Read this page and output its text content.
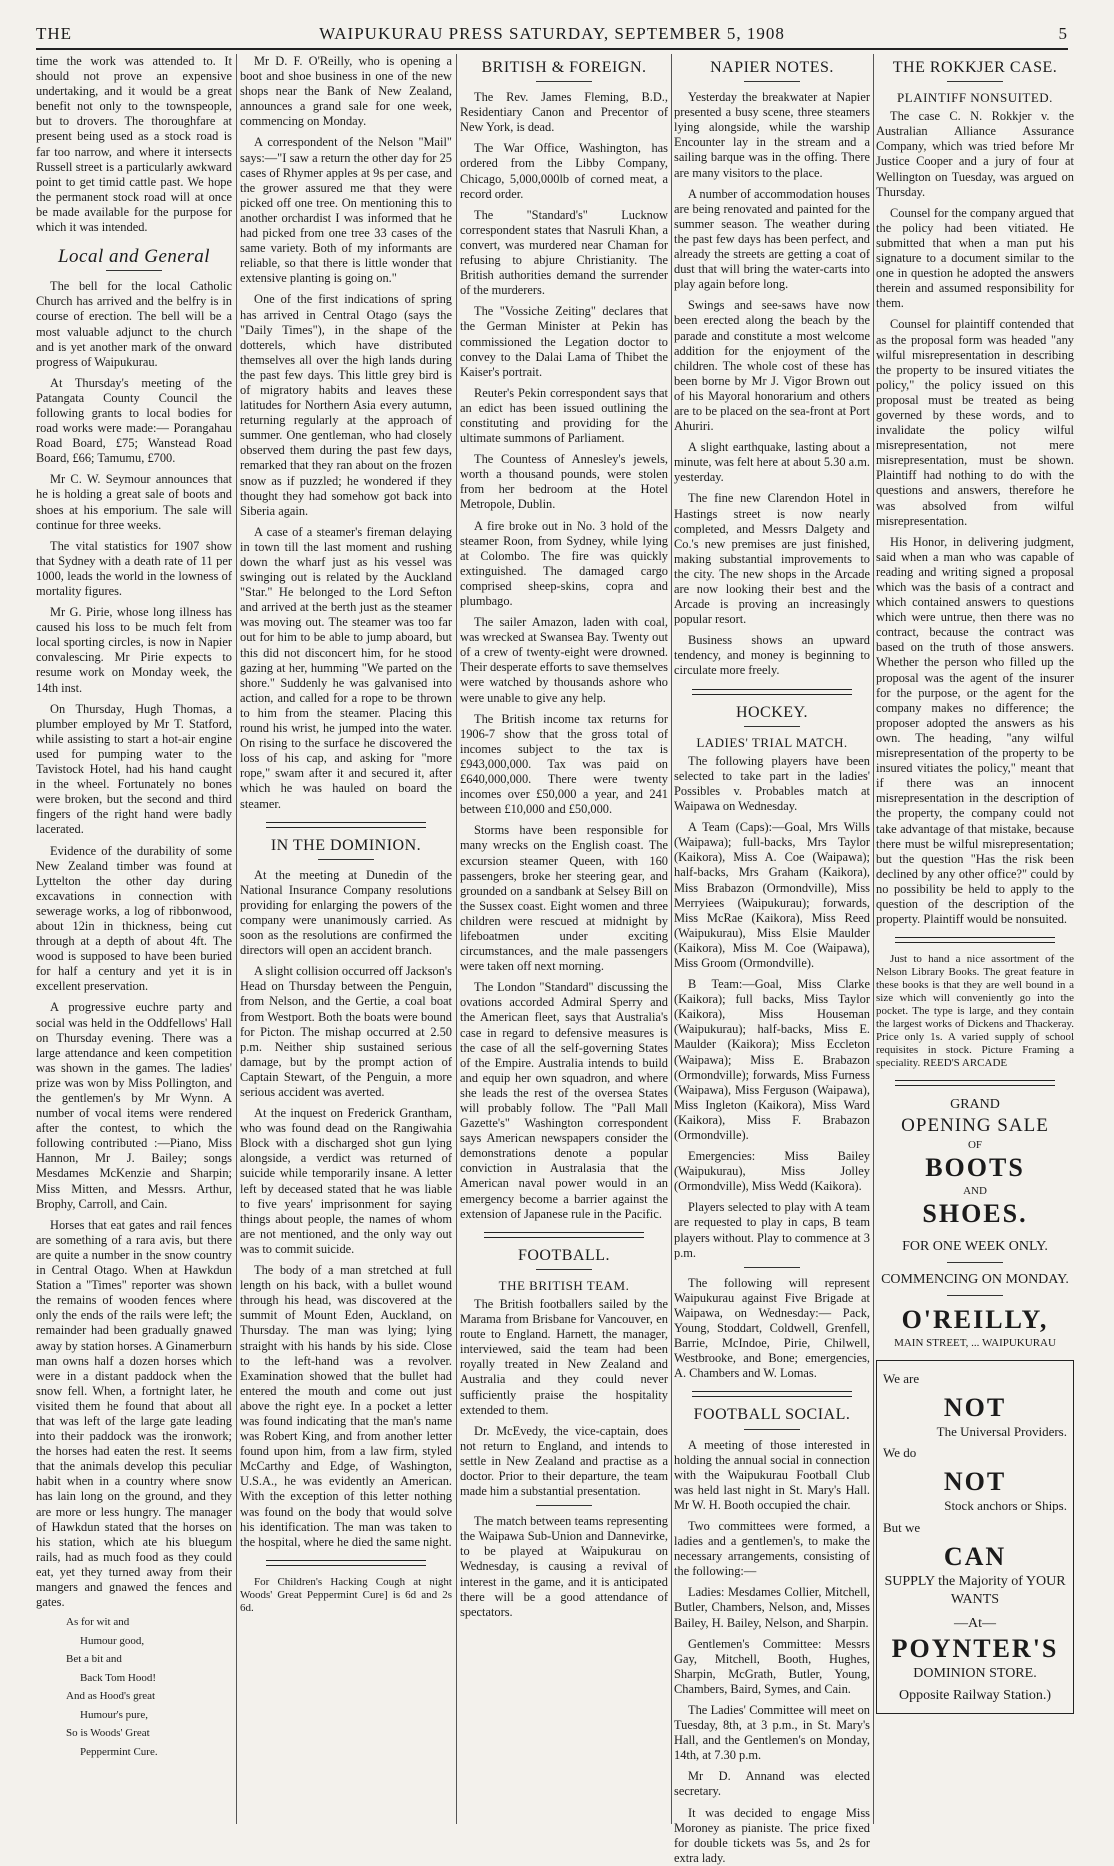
THE	WAIPUKURAU PRESS SATURDAY, SEPTEMBER 5, 1908	5

time the work was attended to. It should not prove an expensive undertaking, and it would be a great benefit not only to the townspeople, but to drovers. The thoroughfare at present being used as a stock road is far too narrow, and where it intersects Russell street is a particularly awkward point to get timid cattle past. We hope the permanent stock road will at once be made available for the purpose for which it was intended.

Local and General

The bell for the local Catholic Church has arrived and the belfry is in course of erection. The bell will be a most valuable adjunct to the church and is yet another mark of the onward progress of Waipukurau.

At Thursday's meeting of the Patangata County Council the following grants to local bodies for road works were made:— Porangahau Road Board, £75; Wanstead Road Board, £66; Tamumu, £700.

Mr C. W. Seymour announces that he is holding a great sale of boots and shoes at his emporium. The sale will continue for three weeks.

The vital statistics for 1907 show that Sydney with a death rate of 11 per 1000, leads the world in the lowness of mortality figures.

Mr G. Pirie, whose long illness has caused his loss to be much felt from local sporting circles, is now in Napier convalescing. Mr Pirie expects to resume work on Monday week, the 14th inst.

On Thursday, Hugh Thomas, a plumber employed by Mr T. Statford, while assisting to start a hot-air engine used for pumping water to the Tavistock Hotel, had his hand caught in the wheel. Fortunately no bones were broken, but the second and third fingers of the right hand were badly lacerated.

Evidence of the durability of some New Zealand timber was found at Lyttelton the other day during excavations in connection with sewerage works, a log of ribbonwood, about 12in in thickness, being cut through at a depth of about 4ft. The wood is supposed to have been buried for half a century and yet it is in excellent preservation.

A progressive euchre party and social was held in the Oddfellows' Hall on Thursday evening. There was a large attendance and keen competition was shown in the games. The ladies' prize was won by Miss Pollington, and the gentlemen's by Mr Wynn. A number of vocal items were rendered after the contest, to which the following contributed :—Piano, Miss Hannon, Mr J. Bailey; songs Mesdames McKenzie and Sharpin; Miss Mitten, and Messrs. Arthur, Brophy, Carroll, and Cain.

Horses that eat gates and rail fences are something of a rara avis, but there are quite a number in the snow country in Central Otago. When at Hawkdun Station a "Times" reporter was shown the remains of wooden fences where only the ends of the rails were left; the remainder had been gradually gnawed away by station horses. A Ginamerburn man owns half a dozen horses which were in a distant paddock when the snow fell. When, a fortnight later, he visited them he found that about all that was left of the large gate leading into their paddock was the ironwork; the horses had eaten the rest. It seems that the animals develop this peculiar habit when in a country where snow has lain long on the ground, and they are more or less hungry. The manager of Hawkdun stated that the horses on his station, which ate his bluegum rails, had as much food as they could eat, yet they turned away from their mangers and gnawed the fences and gates.

As for wit and

Humour good,

Bet a bit and

Back Tom Hood!

And as Hood's great

Humour's pure,

So is Woods' Great

Peppermint Cure.

Mr D. F. O'Reilly, who is opening a boot and shoe business in one of the new shops near the Bank of New Zealand, announces a grand sale for one week, commencing on Monday.

A correspondent of the Nelson "Mail" says:—"I saw a return the other day for 25 cases of Rhymer apples at 9s per case, and the grower assured me that they were picked off one tree. On mentioning this to another orchardist I was informed that he had picked from one tree 33 cases of the same variety. Both of my informants are reliable, so that there is little wonder that extensive planting is going on."

One of the first indications of spring has arrived in Central Otago (says the "Daily Times"), in the shape of the dotterels, which have distributed themselves all over the high lands during the past few days. This little grey bird is of migratory habits and leaves these latitudes for Northern Asia every autumn, returning regularly at the approach of summer. One gentleman, who had closely observed them during the past few days, remarked that they ran about on the frozen snow as if puzzled; he wondered if they thought they had somehow got back into Siberia again.

A case of a steamer's fireman delaying in town till the last moment and rushing down the wharf just as his vessel was swinging out is related by the Auckland "Star." He belonged to the Lord Sefton and arrived at the berth just as the steamer was moving out. The steamer was too far out for him to be able to jump aboard, but this did not disconcert him, for he stood gazing at her, humming "We parted on the shore." Suddenly he was galvanised into action, and called for a rope to be thrown to him from the steamer. Placing this round his wrist, he jumped into the water. On rising to the surface he discovered the loss of his cap, and asking for "more rope," swam after it and secured it, after which he was hauled on board the steamer.

IN THE DOMINION.

At the meeting at Dunedin of the National Insurance Company resolutions providing for enlarging the powers of the company were unanimously carried. As soon as the resolutions are confirmed the directors will open an accident branch.

A slight collision occurred off Jackson's Head on Thursday between the Penguin, from Nelson, and the Gertie, a coal boat from Westport. Both the boats were bound for Picton. The mishap occurred at 2.50 p.m. Neither ship sustained serious damage, but by the prompt action of Captain Stewart, of the Penguin, a more serious accident was averted.

At the inquest on Frederick Grantham, who was found dead on the Rangiwahia Block with a discharged shot gun lying alongside, a verdict was returned of suicide while temporarily insane. A letter left by deceased stated that he was liable to five years' imprisonment for saying things about people, the names of whom are not mentioned, and the only way out was to commit suicide.

The body of a man stretched at full length on his back, with a bullet wound through his head, was discovered at the summit of Mount Eden, Auckland, on Thursday. The man was lying; lying straight with his hands by his side. Close to the left-hand was a revolver. Examination showed that the bullet had entered the mouth and come out just above the right eye. In a pocket a letter was found indicating that the man's name was Robert King, and from another letter found upon him, from a law firm, styled McCarthy and Edge, of Washington, U.S.A., he was evidently an American. With the exception of this letter nothing was found on the body that would solve his identification. The man was taken to the hospital, where he died the same night.

For Children's Hacking Cough at night Woods' Great Peppermint Cure] is 6d and 2s 6d.

BRITISH & FOREIGN.

The Rev. James Fleming, B.D., Residentiary Canon and Precentor of New York, is dead.

The War Office, Washington, has ordered from the Libby Company, Chicago, 5,000,000lb of corned meat, a record order.

The "Standard's" Lucknow correspondent states that Nasruli Khan, a convert, was murdered near Chaman for refusing to abjure Christianity. The British authorities demand the surrender of the murderers.

The "Vossiche Zeiting" declares that the German Minister at Pekin has commissioned the Legation doctor to convey to the Dalai Lama of Thibet the Kaiser's portrait.

Reuter's Pekin correspondent says that an edict has been issued outlining the constituting and providing for the ultimate summons of Parliament.

The Countess of Annesley's jewels, worth a thousand pounds, were stolen from her bedroom at the Hotel Metropole, Dublin.

A fire broke out in No. 3 hold of the steamer Roon, from Sydney, while lying at Colombo. The fire was quickly extinguished. The damaged cargo comprised sheep-skins, copra and plumbago.

The sailer Amazon, laden with coal, was wrecked at Swansea Bay. Twenty out of a crew of twenty-eight were drowned. Their desperate efforts to save themselves were watched by thousands ashore who were unable to give any help.

The British income tax returns for 1906-7 show that the gross total of incomes subject to the tax is £943,000,000. Tax was paid on £640,000,000. There were twenty incomes over £50,000 a year, and 241 between £10,000 and £50,000.

Storms have been responsible for many wrecks on the English coast. The excursion steamer Queen, with 160 passengers, broke her steering gear, and grounded on a sandbank at Selsey Bill on the Sussex coast. Eight women and three children were rescued at midnight by lifeboatmen under exciting circumstances, and the male passengers were taken off next morning.

The London "Standard" discussing the ovations accorded Admiral Sperry and the American fleet, says that Australia's case in regard to defensive measures is the case of all the self-governing States of the Empire. Australia intends to build and equip her own squadron, and where she leads the rest of the oversea States will probably follow. The "Pall Mall Gazette's" Washington correspondent says American newspapers consider the demonstrations denote a popular conviction in Australasia that the American naval power would in an emergency become a barrier against the extension of Japanese rule in the Pacific.

FOOTBALL.
THE BRITISH TEAM.

The British footballers sailed by the Marama from Brisbane for Vancouver, en route to England. Harnett, the manager, interviewed, said the team had been royally treated in New Zealand and Australia and they could never sufficiently praise the hospitality extended to them.

Dr. McEvedy, the vice-captain, does not return to England, and intends to settle in New Zealand and practise as a doctor. Prior to their departure, the team made him a substantial presentation.

The match between teams representing the Waipawa Sub-Union and Dannevirke, to be played at Waipukurau on Wednesday, is causing a revival of interest in the game, and it is anticipated there will be a good attendance of spectators.

NAPIER NOTES.

Yesterday the breakwater at Napier presented a busy scene, three steamers lying alongside, while the warship Encounter lay in the stream and a sailing barque was in the offing. There are many visitors to the place.

A number of accommodation houses are being renovated and painted for the summer season. The weather during the past few days has been perfect, and already the streets are getting a coat of dust that will bring the water-carts into play again before long.

Swings and see-saws have now been erected along the beach by the parade and constitute a most welcome addition for the enjoyment of the children. The whole cost of these has been borne by Mr J. Vigor Brown out of his Mayoral honorarium and others are to be placed on the sea-front at Port Ahuriri.

A slight earthquake, lasting about a minute, was felt here at about 5.30 a.m. yesterday.

The fine new Clarendon Hotel in Hastings street is now nearly completed, and Messrs Dalgety and Co.'s new premises are just finished, making substantial improvements to the city. The new shops in the Arcade are now looking their best and the Arcade is proving an increasingly popular resort.

Business shows an upward tendency, and money is beginning to circulate more freely.

HOCKEY.
LADIES' TRIAL MATCH.

The following players have been selected to take part in the ladies' Possibles v. Probables match at Waipawa on Wednesday.

A Team (Caps):—Goal, Mrs Wills (Waipawa); full-backs, Mrs Taylor (Kaikora), Miss A. Coe (Waipawa); half-backs, Mrs Graham (Kaikora), Miss Brabazon (Ormondville), Miss Merryiees (Waipukurau); forwards, Miss McRae (Kaikora), Miss Reed (Waipukurau), Miss Elsie Maulder (Kaikora), Miss M. Coe (Waipawa), Miss Groom (Ormondville).

B Team:—Goal, Miss Clarke (Kaikora); full backs, Miss Taylor (Kaikora), Miss Houseman (Waipukurau); half-backs, Miss E. Maulder (Kaikora); Miss Eccleton (Waipawa); Miss E. Brabazon (Ormondville); forwards, Miss Furness (Waipawa), Miss Ferguson (Waipawa), Miss Ingleton (Kaikora), Miss Ward (Kaikora), Miss F. Brabazon (Ormondville).

Emergencies: Miss Bailey (Waipukurau), Miss Jolley (Ormondville), Miss Wedd (Kaikora).

Players selected to play with A team are requested to play in caps, B team players without. Play to commence at 3 p.m.

The following will represent Waipukurau against Five Brigade at Waipawa, on Wednesday:— Pack, Young, Stoddart, Coldwell, Grenfell, Barrie, McIndoe, Pirie, Chilwell, Westbrooke, and Bone; emergencies, A. Chambers and W. Lomas.

FOOTBALL SOCIAL.

A meeting of those interested in holding the annual social in connection with the Waipukurau Football Club was held last night in St. Mary's Hall. Mr W. H. Booth occupied the chair.

Two committees were formed, a ladies and a gentlemen's, to make the necessary arrangements, consisting of the following:—

Ladies: Mesdames Collier, Mitchell, Butler, Chambers, Nelson, and, Misses Bailey, H. Bailey, Nelson, and Sharpin.

Gentlemen's Committee: Messrs Gay, Mitchell, Booth, Hughes, Sharpin, McGrath, Butler, Young, Chambers, Baird, Symes, and Cain.

The Ladies' Committee will meet on Tuesday, 8th, at 3 p.m., in St. Mary's Hall, and the Gentlemen's on Monday, 14th, at 7.30 p.m.

Mr D. Annand was elected secretary.

It was decided to engage Miss Moroney as pianiste. The price fixed for double tickets was 5s, and 2s for extra lady.

THE ROKKJER CASE.
PLAINTIFF NONSUITED.

The case C. N. Rokkjer v. the Australian Alliance Assurance Company, which was tried before Mr Justice Cooper and a jury of four at Wellington on Tuesday, was argued on Thursday.

Counsel for the company argued that the policy had been vitiated. He submitted that when a man put his signature to a document similar to the one in question he adopted the answers therein and assumed responsibility for them.

Counsel for plaintiff contended that as the proposal form was headed "any wilful misrepresentation in describing the property to be insured vitiates the policy," the policy issued on this proposal must be treated as being governed by these words, and to invalidate the policy wilful misrepresentation, not mere misrepresentation, must be shown. Plaintiff had nothing to do with the questions and answers, therefore he was absolved from wilful misrepresentation.

His Honor, in delivering judgment, said when a man who was capable of reading and writing signed a proposal which was the basis of a contract and which contained answers to questions which were untrue, then there was no contract, because the contract was based on the truth of those answers. Whether the person who filled up the proposal was the agent of the insurer for the purpose, or the agent for the company makes no difference; the proposer adopted the answers as his own. The heading, "any wilful misrepresentation of the property to be insured vitiates the policy," meant that if there was an innocent misrepresentation in the description of the property, the company could not take advantage of that mistake, because there must be wilful misrepresentation; but the question "Has the risk been declined by any other office?" could by no possibility be held to apply to the question of the description of the property. Plaintiff would be nonsuited.

Just to hand a nice assortment of the Nelson Library Books. The great feature in these books is that they are well bound in a size which will conveniently go into the pocket. The type is large, and they contain the largest works of Dickens and Thackeray. Price only 1s. A varied supply of school requisites in stock. Picture Framing a speciality. REED'S ARCADE

GRAND

OPENING SALE

OF

BOOTS

AND

SHOES.

FOR ONE WEEK ONLY.

COMMENCING ON MONDAY.

O'REILLY,

MAIN STREET, ... WAIPUKURAU

We are

NOT

The Universal Providers.

We do

NOT

Stock anchors or Ships.

But we

CAN

SUPPLY the Majority of YOUR WANTS

—At—

POYNTER'S

DOMINION STORE.

Opposite Railway Station.)
